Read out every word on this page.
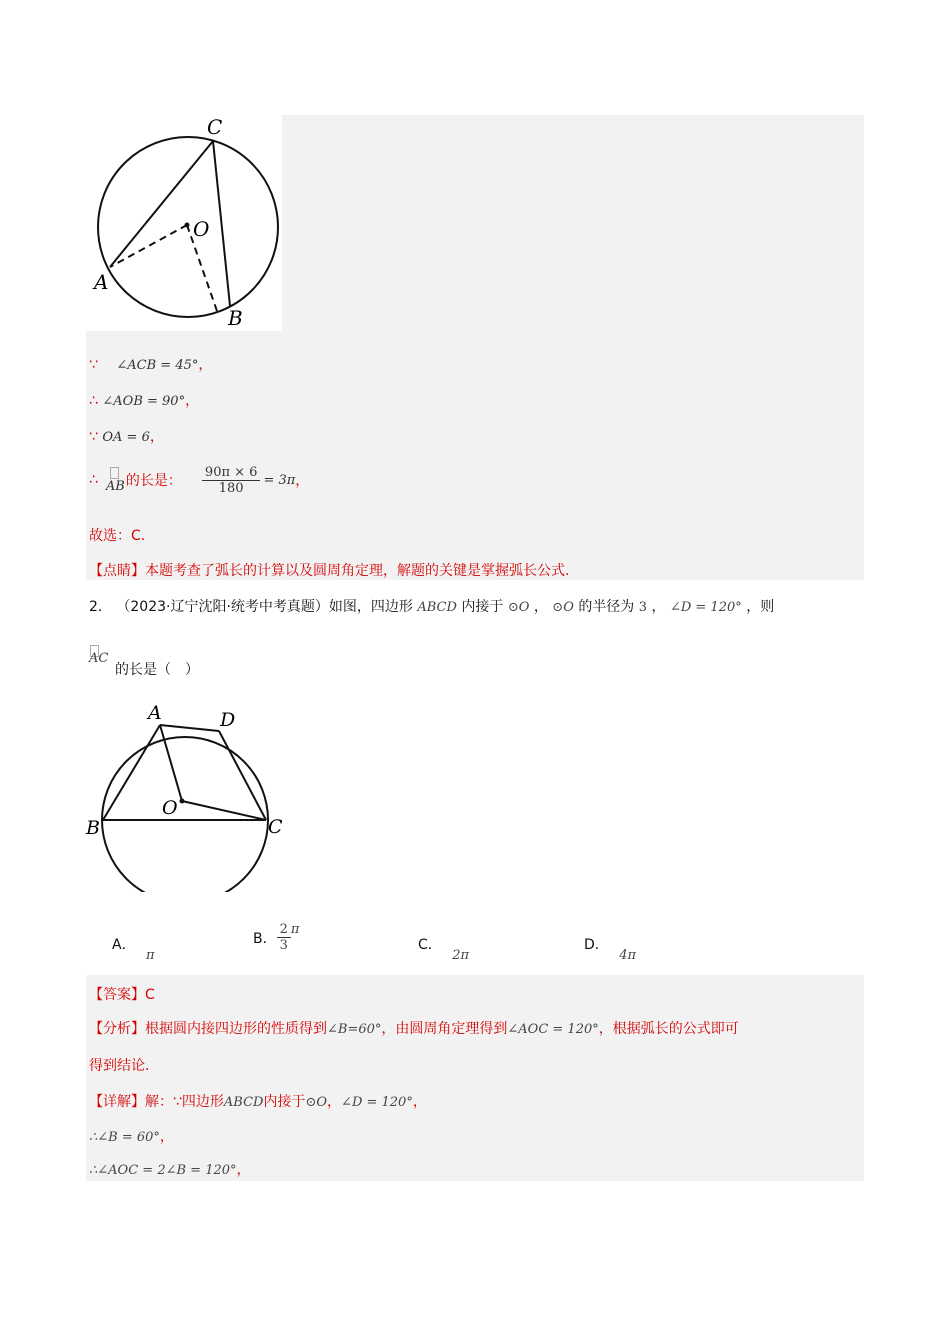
C
O
A
B
∵ ∠ACB = 45°，
∴ ∠AOB = 90°，
∵ OA = 6，
∴ AB 的长是： $\frac{90\pi \times 6}{180} = 3\pi$ ，
故选：C.
【点睛】本题考查了弧长的计算以及圆周角定理，解题的关键是掌握弧长公式.
2． （2023·辽宁沈阳·统考中考真题）如图，四边形 ABCD 内接于 ⊙O ， ⊙O 的半径为 3 ， ∠D = 120° ，则
AC
的长是（　）
A	D
O
B	C
A． π
B． $\frac{2}{3}$ π
C． 2π
D． 4π
【答案】C
【分析】根据圆内接四边形的性质得到∠B=60°，由圆周角定理得到∠AOC = 120°，根据弧长的公式即可
得到结论.
【详解】解：∵四边形ABCD内接于⊙O，∠D = 120°，
∴∠B = 60°，
∴∠AOC = 2∠B = 120°，
